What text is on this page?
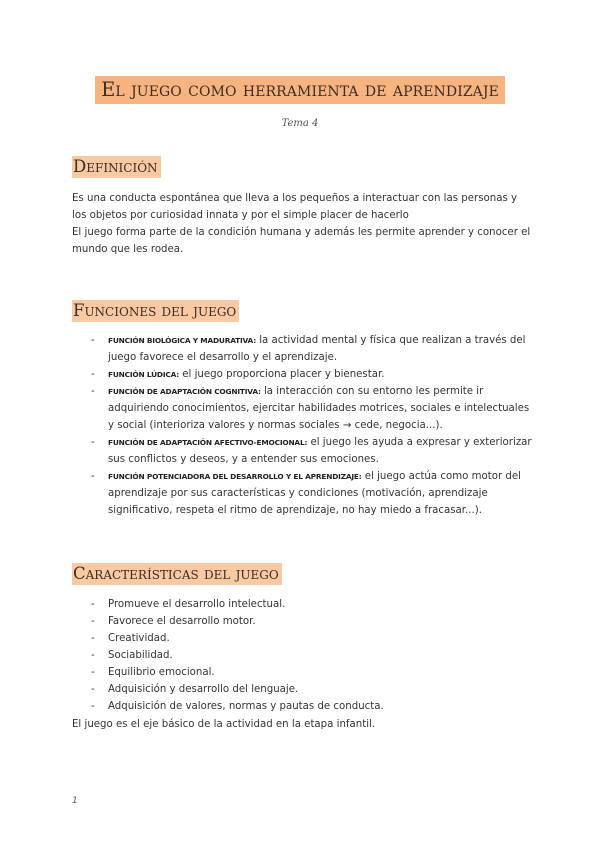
El juego como herramienta de aprendizaje
Tema 4
Definición

Es una conducta espontánea que lleva a los pequeños a interactuar con las personas y los objetos por curiosidad innata y por el simple placer de hacerlo

El juego forma parte de la condición humana y además les permite aprender y conocer el mundo que les rodea.

Funciones del juego
- FUNCIÓN BIOLÓGICA Y MADURATIVA: la actividad mental y física que realizan a través del juego favorece el desarrollo y el aprendizaje.
- FUNCIÓN LÚDICA: el juego proporciona placer y bienestar.
- FUNCIÓN DE ADAPTACIÓN COGNITIVA: la interacción con su entorno les permite ir adquiriendo conocimientos, ejercitar habilidades motrices, sociales e intelectuales y social (interioriza valores y normas sociales → cede, negocia...).
- FUNCIÓN DE ADAPTACIÓN AFECTIVO-EMOCIONAL: el juego les ayuda a expresar y exteriorizar sus conflictos y deseos, y a entender sus emociones.
- FUNCIÓN POTENCIADORA DEL DESARROLLO Y EL APRENDIZAJE: el juego actúa como motor del aprendizaje por sus características y condiciones (motivación, aprendizaje significativo, respeta el ritmo de aprendizaje, no hay miedo a fracasar...).
Características del juego
- Promueve el desarrollo intelectual.
- Favorece el desarrollo motor.
- Creatividad.
- Sociabilidad.
- Equilibrio emocional.
- Adquisición y desarrollo del lenguaje.
- Adquisición de valores, normas y pautas de conducta.
El juego es el eje básico de la actividad en la etapa infantil.
1
